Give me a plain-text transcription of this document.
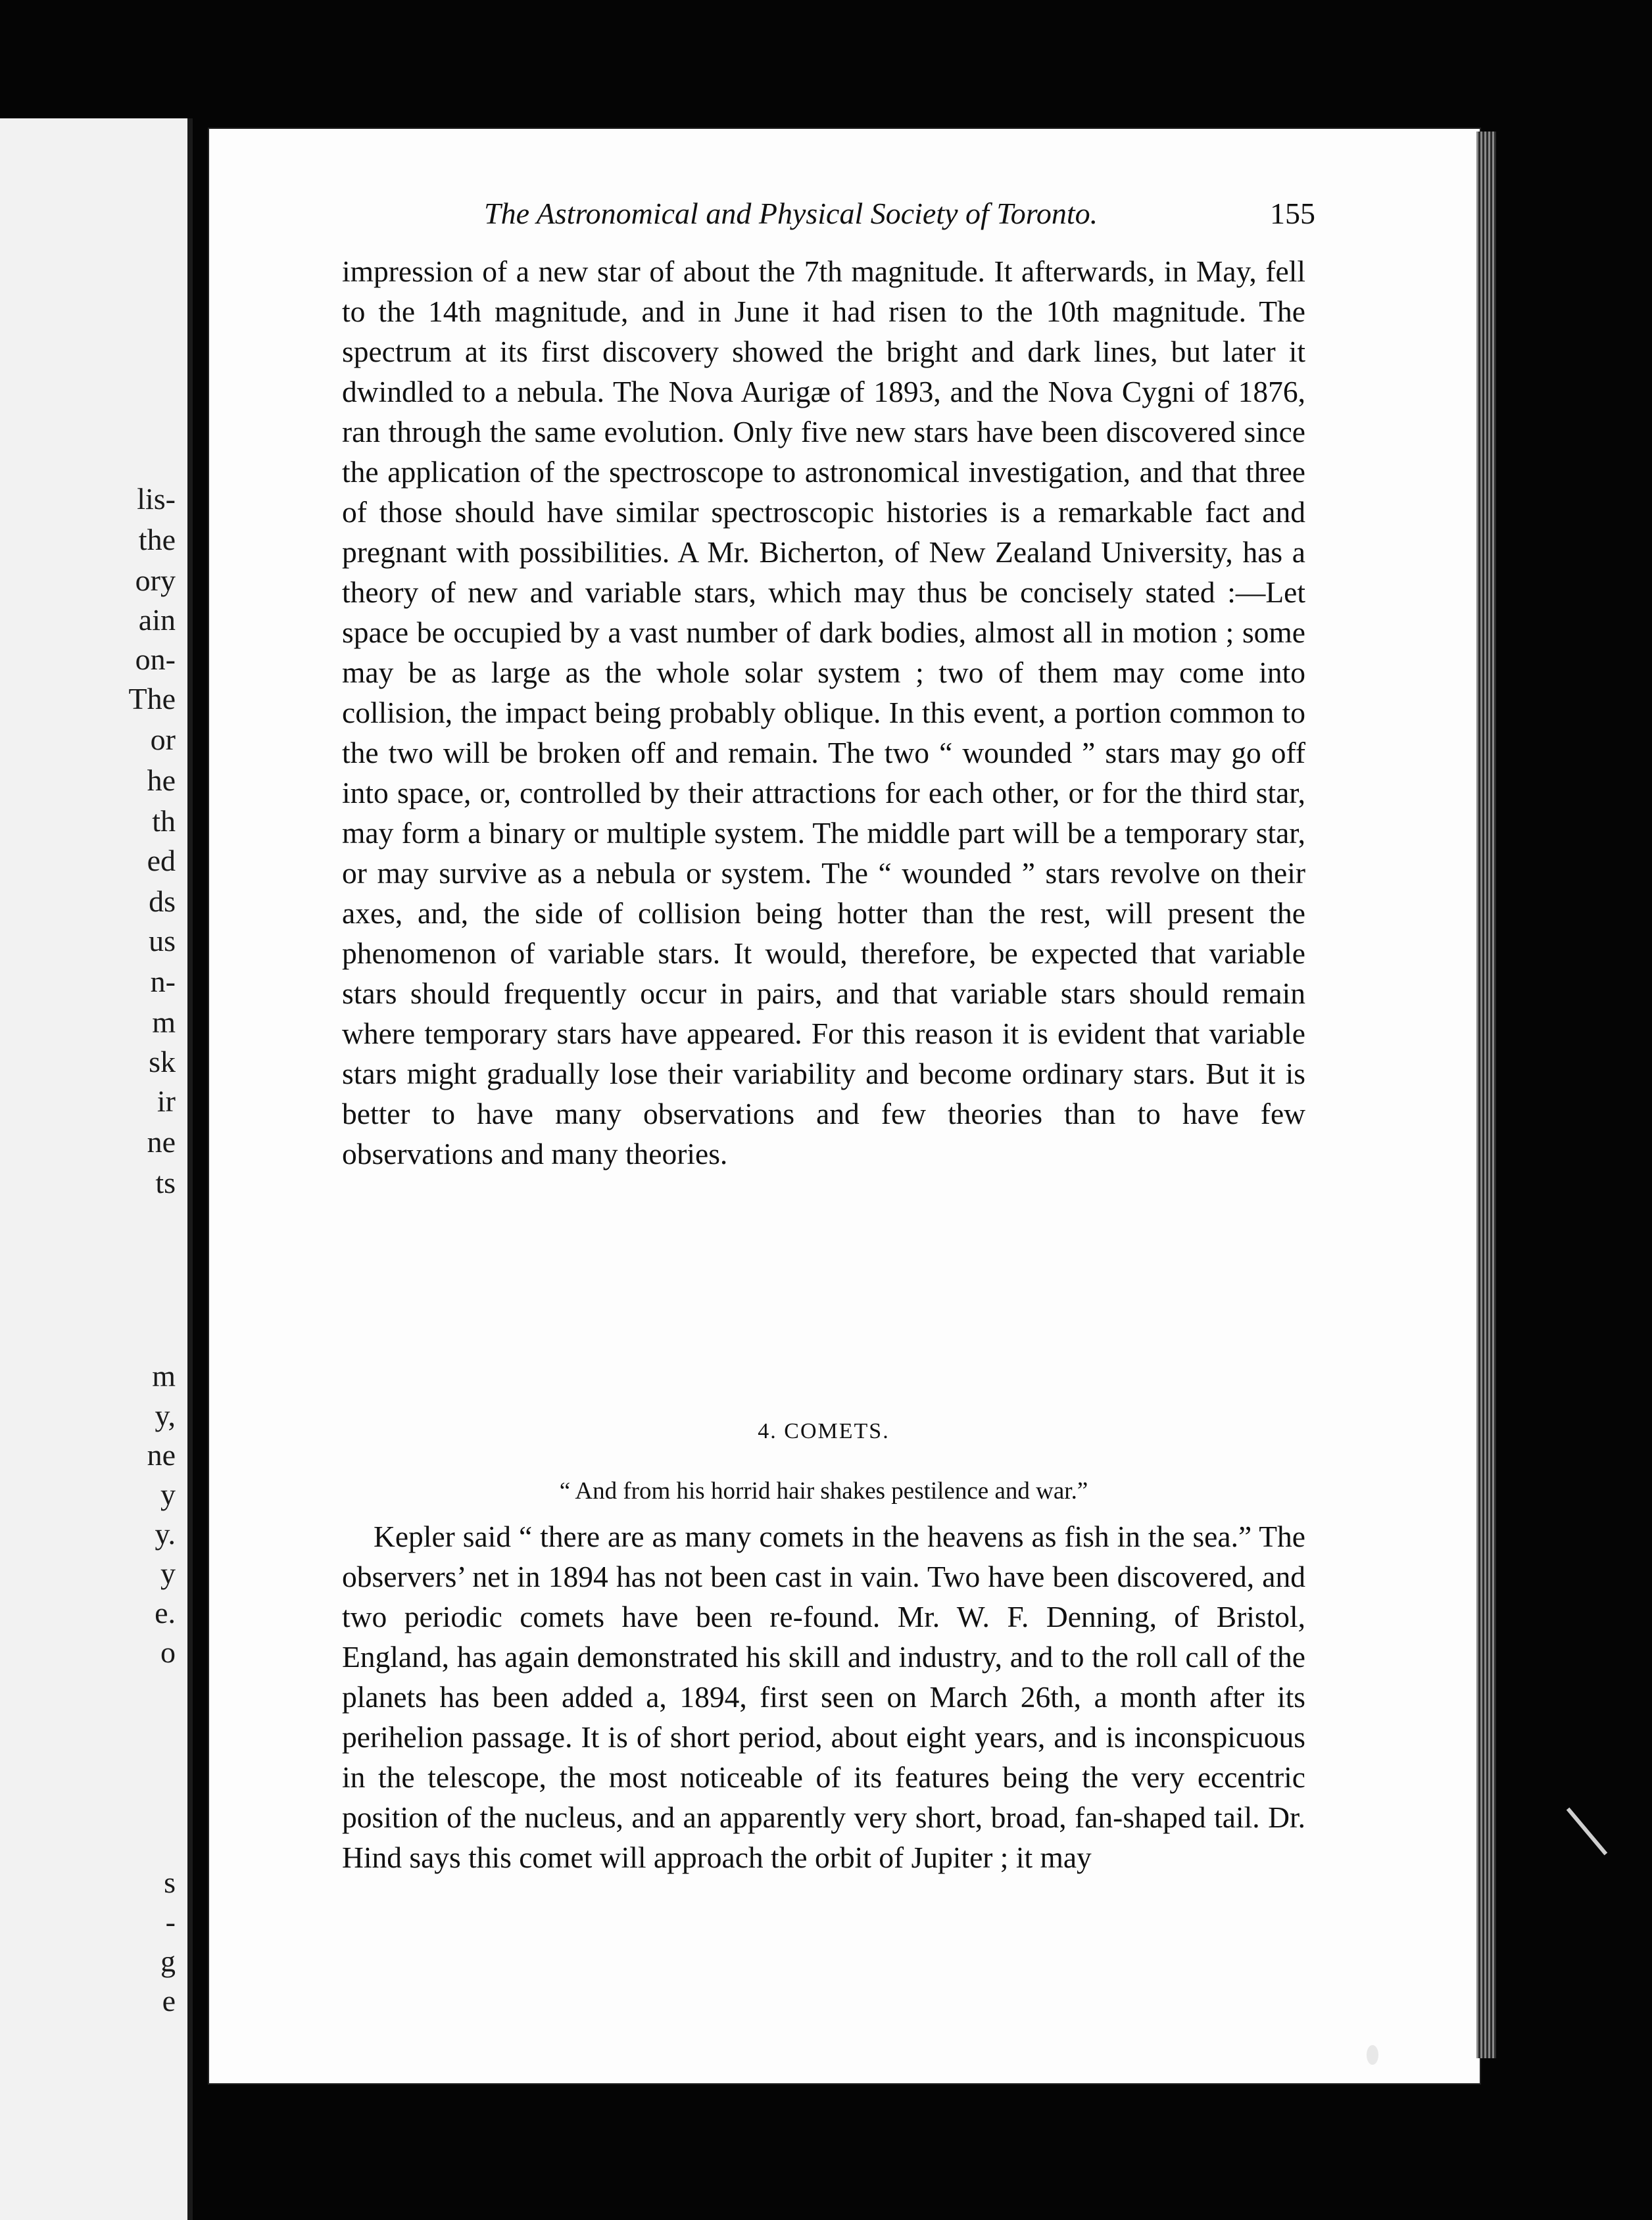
lis-
the
ory
ain
on-
The
or
he
th
ed
ds
us
n-
m
sk
ir
ne
ts
m
y,
ne
y
y.
y
e.
o
s
-
g
e
The Astronomical and Physical Society of Toronto.	155

impression of a new star of about the 7th magnitude. It afterwards, in May, fell to the 14th magnitude, and in June it had risen to the 10th magnitude. The spectrum at its first discovery showed the bright and dark lines, but later it dwindled to a nebula. The Nova Aurigæ of 1893, and the Nova Cygni of 1876, ran through the same evolution. Only five new stars have been discovered since the application of the spectroscope to astronomical investigation, and that three of those should have similar spectroscopic histories is a remarkable fact and pregnant with possibilities. A Mr. Bicherton, of New Zealand University, has a theory of new and variable stars, which may thus be concisely stated :—Let space be occupied by a vast number of dark bodies, almost all in motion ; some may be as large as the whole solar system ; two of them may come into collision, the impact being probably oblique. In this event, a portion common to the two will be broken off and remain. The two “ wounded ” stars may go off into space, or, controlled by their attractions for each other, or for the third star, may form a binary or multiple system. The middle part will be a temporary star, or may survive as a nebula or system. The “ wounded ” stars revolve on their axes, and, the side of collision being hotter than the rest, will present the phenomenon of variable stars. It would, therefore, be expected that variable stars should frequently occur in pairs, and that variable stars should remain where temporary stars have appeared. For this reason it is evident that variable stars might gradually lose their variability and become ordinary stars. But it is better to have many observations and few theories than to have few observations and many theories.

4. COMETS.
“ And from his horrid hair shakes pestilence and war.”

Kepler said “ there are as many comets in the heavens as fish in the sea.” The observers’ net in 1894 has not been cast in vain. Two have been discovered, and two periodic comets have been re-found. Mr. W. F. Denning, of Bristol, England, has again demonstrated his skill and industry, and to the roll call of the planets has been added a, 1894, first seen on March 26th, a month after its perihelion passage. It is of short period, about eight years, and is inconspicuous in the telescope, the most noticeable of its features being the very eccentric position of the nucleus, and an apparently very short, broad, fan-shaped tail. Dr. Hind says this comet will approach the orbit of Jupiter ; it may
